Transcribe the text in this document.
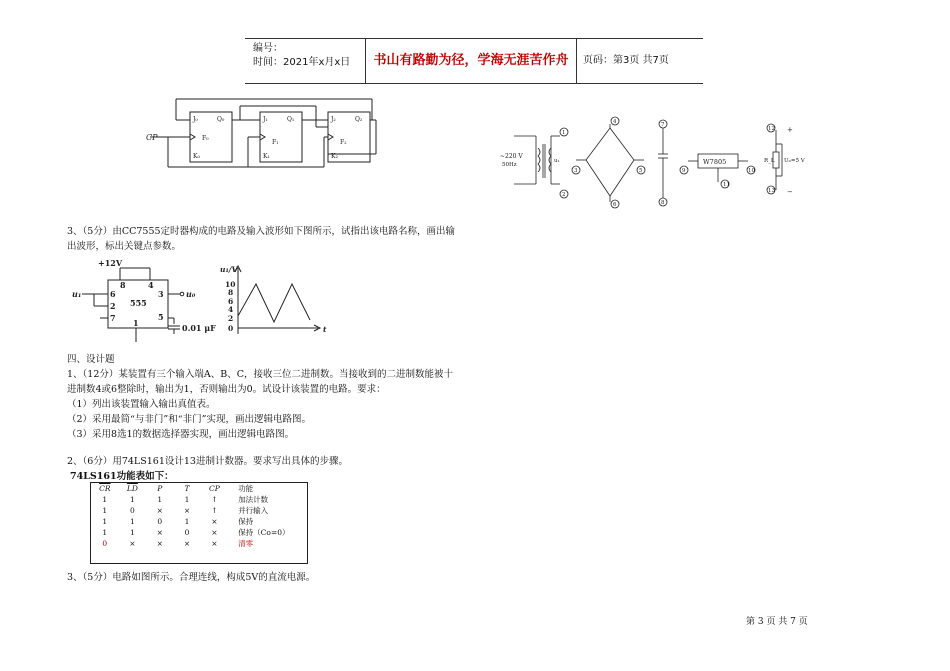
编号：
时间：2021年x月x日	书山有路勤为径，学海无涯苦作舟	页码：第3页 共7页
CP
J₀	Q₀
F₀
K₀
J₁	Q₁
F₁
K₁
J₂	Q₂
F₂
K₂
1
2
3
4
5
6
7
8
9	10
11
12
13
~220 V
50Hz
u₁	W7805	R_L U₀=5 V
+
−
3、（5分）由CC7555定时器构成的电路及输入波形如下图所示，试指出该电路名称，画出输
出波形，标出关键点参数。
+12V
555
8	4
6
2
7
3
5
1
u₁	u₀
0.01 μF
u₁/V
t
10
8
6
4
2
0
四、设计题
1、（12分）某装置有三个输入端A、B、C，接收三位二进制数。当接收到的二进制数能被十
进制数4或6整除时，输出为1，否则输出为0。试设计该装置的电路。要求：
（1）列出该装置输入输出真值表。
（2）采用最简“与非门”和“非门”实现，画出逻辑电路图。
（3）采用8选1的数据选择器实现，画出逻辑电路图。
2、（6分）用74LS161设计13进制计数器。要求写出具体的步骤。
74LS161功能表如下：
$\overline{CR}$	$\overline{LD}$	P	T	CP	功能
1	1	1	1	↑	加法计数
1	0	×	×	↑	并行输入
1	1	0	1	×	保持
1	1	×	0	×	保持（Co=0）
0	×	×	×	×	清零
3、（5分）电路如图所示。合理连线，构成5V的直流电源。
第 3 页 共 7 页
